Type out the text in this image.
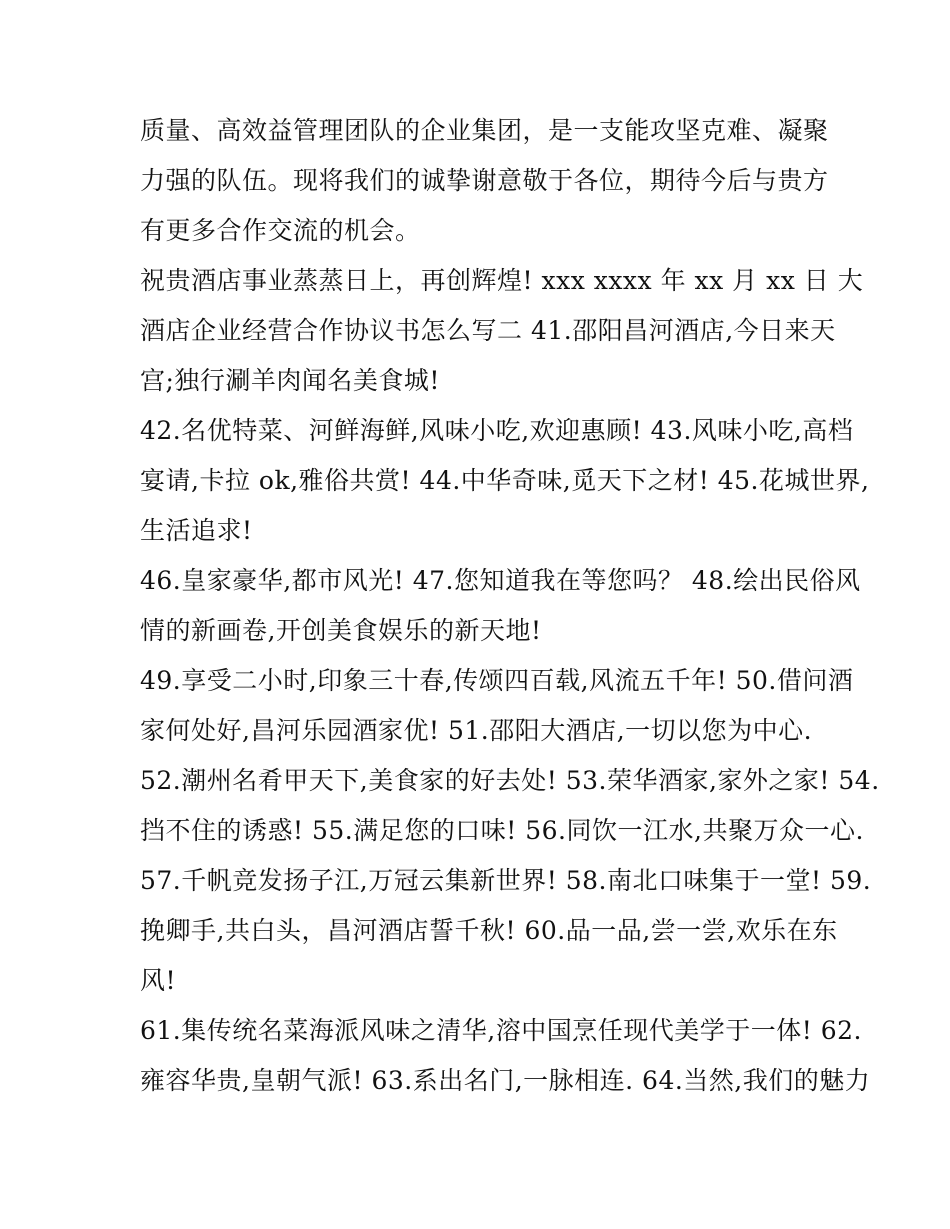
质量、高效益管理团队的企业集团，是一支能攻坚克难、凝聚
力强的队伍。现将我们的诚挚谢意敬于各位，期待今后与贵方
有更多合作交流的机会。
祝贵酒店事业蒸蒸日上，再创辉煌! xxx xxxx 年 xx 月 xx 日 大
酒店企业经营合作协议书怎么写二 41.邵阳昌河酒店,今日来天
宫;独行涮羊肉闻名美食城!
42.名优特菜、河鲜海鲜,风味小吃,欢迎惠顾! 43.风味小吃,高档
宴请,卡拉 ok,雅俗共赏! 44.中华奇味,觅天下之材! 45.花城世界,
生活追求!
46.皇家豪华,都市风光! 47.您知道我在等您吗？ 48.绘出民俗风
情的新画卷,开创美食娱乐的新天地!
49.享受二小时,印象三十春,传颂四百载,风流五千年! 50.借问酒
家何处好,昌河乐园酒家优! 51.邵阳大酒店,一切以您为中心.
52.潮州名肴甲天下,美食家的好去处! 53.荣华酒家,家外之家! 54.
挡不住的诱惑! 55.满足您的口味! 56.同饮一江水,共聚万众一心.
57.千帆竞发扬子江,万冠云集新世界! 58.南北口味集于一堂! 59.
挽卿手,共白头，昌河酒店誓千秋! 60.品一品,尝一尝,欢乐在东
风!
61.集传统名菜海派风味之清华,溶中国烹任现代美学于一体! 62.
雍容华贵,皇朝气派! 63.系出名门,一脉相连. 64.当然,我们的魅力
